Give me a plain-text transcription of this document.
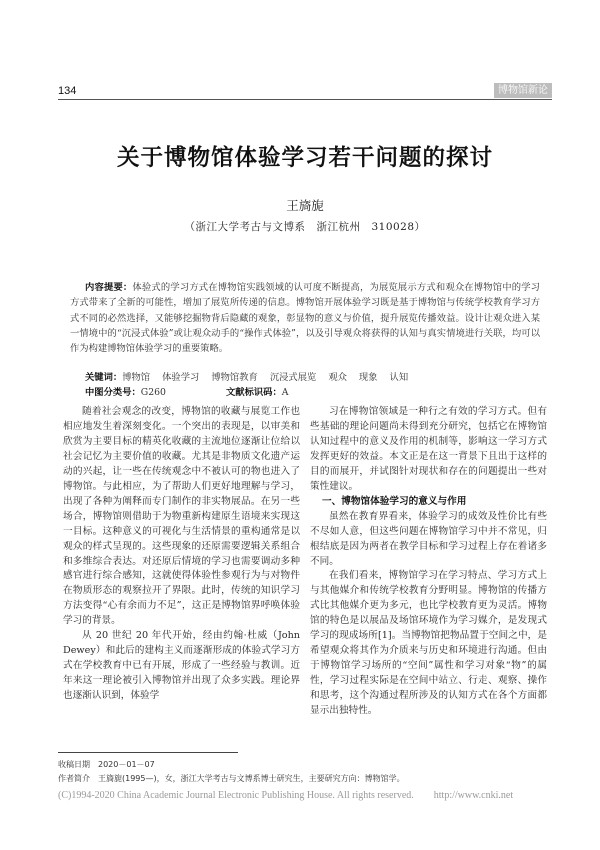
134	博物馆新论
关于博物馆体验学习若干问题的探讨
王旖旎
（浙江大学考古与文博系　浙江杭州　310028）

内容提要：体验式的学习方式在博物馆实践领域的认可度不断提高，为展览展示方式和观众在博物馆中的学习方式带来了全新的可能性，增加了展览所传递的信息。博物馆开展体验学习既是基于博物馆与传统学校教育学习方式不同的必然选择，又能够挖掘物背后隐藏的观象，彰显物的意义与价值，提升展览传播效益。设计让观众进入某一情境中的“沉浸式体验”或让观众动手的“操作式体验”，以及引导观众将获得的认知与真实情境进行关联，均可以作为构建博物馆体验学习的重要策略。

关键词：博物馆 体验学习 博物馆教育 沉浸式展览 观众 现象 认知
中图分类号：G260	文献标识码：A

随着社会观念的改变，博物馆的收藏与展览工作也相应地发生着深刻变化。一个突出的表现是，以审美和欣赏为主要目标的精英化收藏的主流地位逐渐让位给以社会记忆为主要价值的收藏。尤其是非物质文化遗产运动的兴起，让一些在传统观念中不被认可的物也进入了博物馆。与此相应，为了帮助人们更好地理解与学习，出现了各种为阐释而专门制作的非实物展品。在另一些场合，博物馆则借助于为物重新构建原生语境来实现这一目标。这种意义的可视化与生活情景的重构通常是以观众的样式呈现的。这些现象的还原需要逻辑关系组合和多维综合表达。对还原后情境的学习也需要调动多种感官进行综合感知，这就使得体验性参观行为与对物件在物质形态的观察拉开了界限。此时，传统的知识学习方法变得“心有余而力不足”，这正是博物馆界呼唤体验学习的背景。

从 20 世纪 20 年代开始，经由约翰·杜威（John Dewey）和此后的建构主义而逐渐形成的体验式学习方式在学校教育中已有开展，形成了一些经验与教训。近年来这一理论被引入博物馆并出现了众多实践。理论界也逐渐认识到，体验学

习在博物馆领域是一种行之有效的学习方式。但有些基础的理论问题尚未得到充分研究，包括它在博物馆认知过程中的意义及作用的机制等，影响这一学习方式发挥更好的效益。本文正是在这一背景下且出于这样的目的而展开，并试图针对现状和存在的问题提出一些对策性建议。

一、博物馆体验学习的意义与作用

虽然在教育界看来，体验学习的成效及性价比有些不尽如人意，但这些问题在博物馆学习中并不常见，归根结底是因为两者在教学目标和学习过程上存在着诸多不同。

在我们看来，博物馆学习在学习特点、学习方式上与其他媒介和传统学校教育分野明显。博物馆的传播方式比其他媒介更为多元，也比学校教育更为灵活。博物馆的特色是以展品及场馆环境作为学习媒介，是发现式学习的现成场所[1]。当博物馆把物品置于空间之中，是希望观众将其作为介质来与历史和环境进行沟通。但由于博物馆学习场所的“空间”属性和学习对象“物”的属性，学习过程实际是在空间中站立、行走、观察、操作和思考，这个沟通过程所涉及的认知方式在各个方面都显示出独特性。

收稿日期　2020－01－07
作者简介　王旖旎(1995—)，女，浙江大学考古与文博系博士研究生，主要研究方向：博物馆学。
(C)1994-2020 China Academic Journal Electronic Publishing House. All rights reserved.　　http://www.cnki.net
